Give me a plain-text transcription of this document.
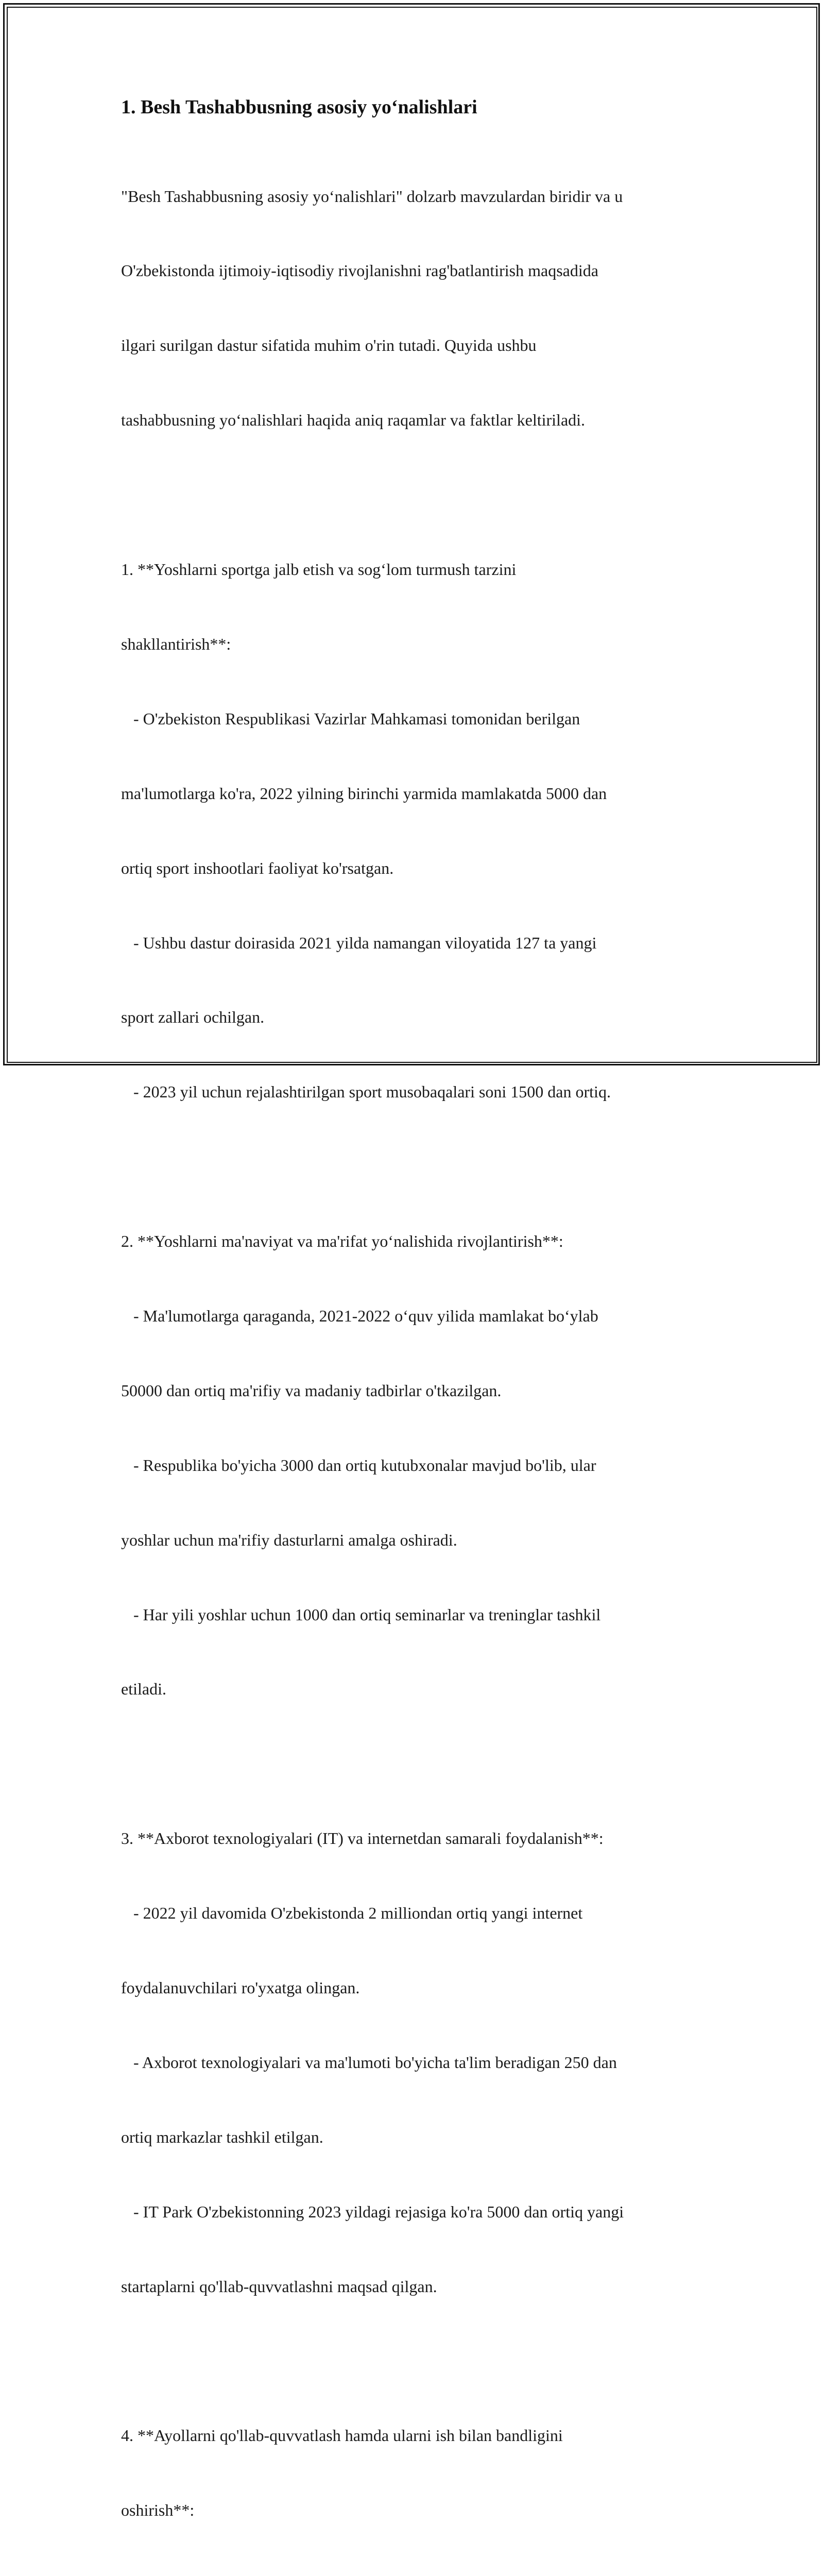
1. Besh Tashabbusning asosiy yo‘nalishlari

"Besh Tashabbusning asosiy yo‘nalishlari" dolzarb mavzulardan biridir va u

O'zbekistonda ijtimoiy-iqtisodiy rivojlanishni rag'batlantirish maqsadida

ilgari surilgan dastur sifatida muhim o'rin tutadi. Quyida ushbu

tashabbusning yo‘nalishlari haqida aniq raqamlar va faktlar keltiriladi.

1. **Yoshlarni sportga jalb etish va sog‘lom turmush tarzini

shakllantirish**:

- O'zbekiston Respublikasi Vazirlar Mahkamasi tomonidan berilgan

ma'lumotlarga ko'ra, 2022 yilning birinchi yarmida mamlakatda 5000 dan

ortiq sport inshootlari faoliyat ko'rsatgan.

- Ushbu dastur doirasida 2021 yilda namangan viloyatida 127 ta yangi

sport zallari ochilgan.

- 2023 yil uchun rejalashtirilgan sport musobaqalari soni 1500 dan ortiq.

2. **Yoshlarni ma'naviyat va ma'rifat yo‘nalishida rivojlantirish**:

- Ma'lumotlarga qaraganda, 2021-2022 o‘quv yilida mamlakat bo‘ylab

50000 dan ortiq ma'rifiy va madaniy tadbirlar o'tkazilgan.

- Respublika bo'yicha 3000 dan ortiq kutubxonalar mavjud bo'lib, ular

yoshlar uchun ma'rifiy dasturlarni amalga oshiradi.

- Har yili yoshlar uchun 1000 dan ortiq seminarlar va treninglar tashkil

etiladi.

3. **Axborot texnologiyalari (IT) va internetdan samarali foydalanish**:

- 2022 yil davomida O'zbekistonda 2 milliondan ortiq yangi internet

foydalanuvchilari ro'yxatga olingan.

- Axborot texnologiyalari va ma'lumoti bo'yicha ta'lim beradigan 250 dan

ortiq markazlar tashkil etilgan.

- IT Park O'zbekistonning 2023 yildagi rejasiga ko'ra 5000 dan ortiq yangi

startaplarni qo'llab-quvvatlashni maqsad qilgan.

4. **Ayollarni qo'llab-quvvatlash hamda ularni ish bilan bandligini

oshirish**:
